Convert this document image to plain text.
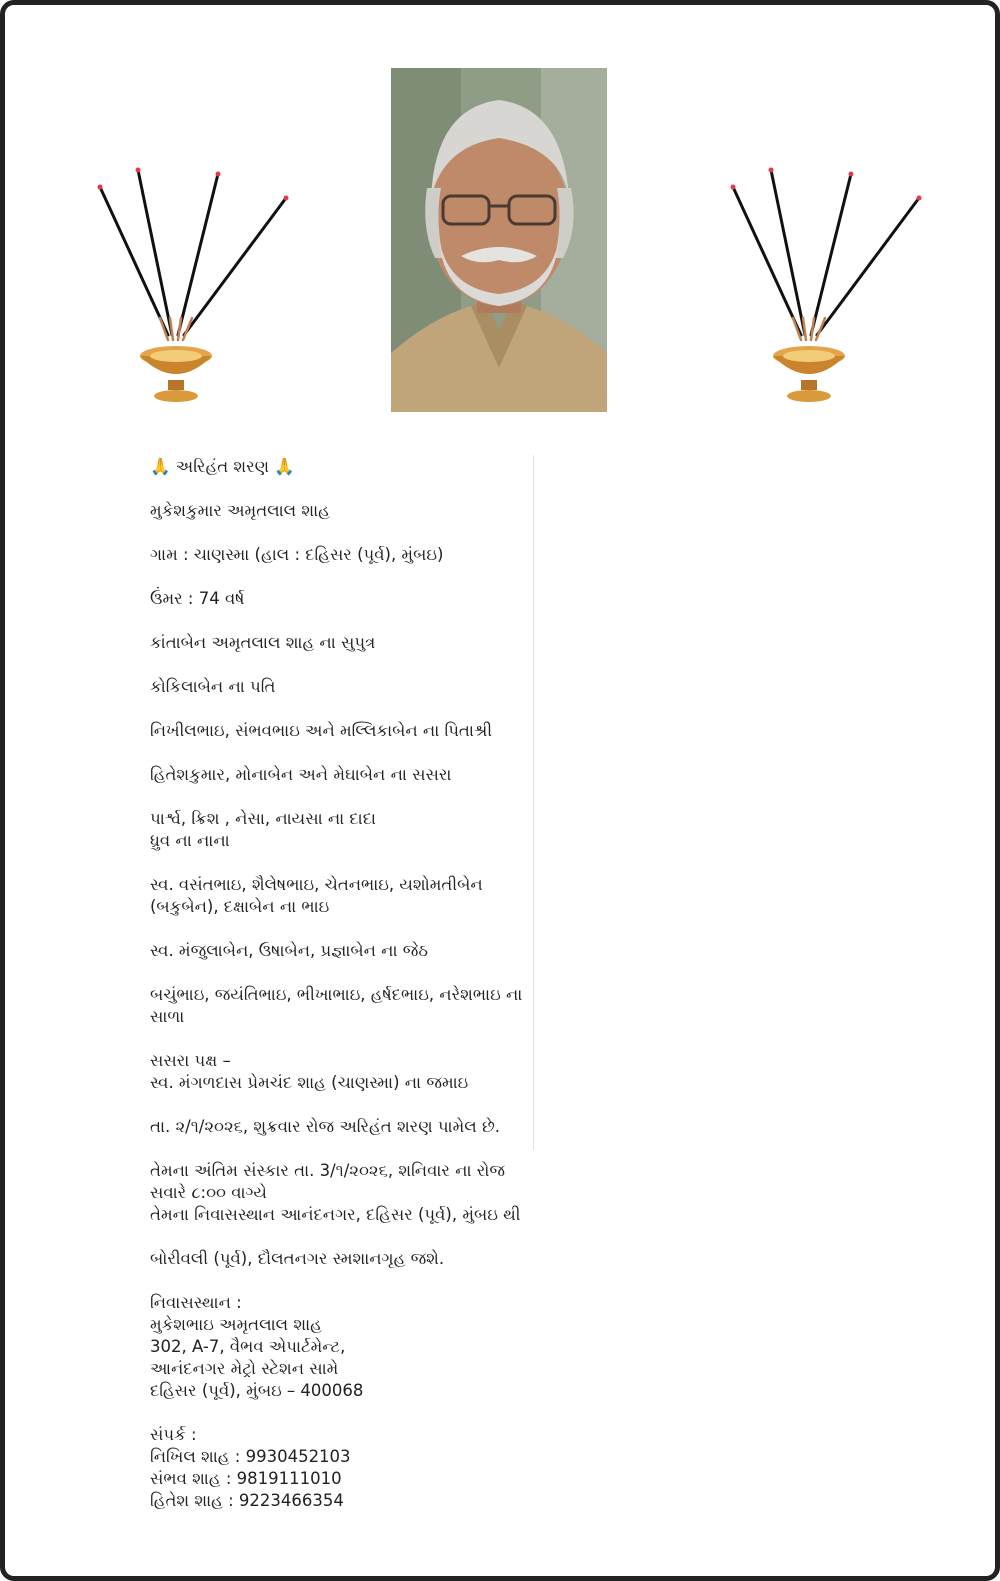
🙏 અરિહંત શરણ 🙏

મુકેશકુમાર અમૃતલાલ શાહ

ગામ : ચાણસ્મા (હાલ : દહિસર (પૂર્વ), મુંબઇ)

ઉંમર : 74 વર્ષ

કાંતાબેન અમૃતલાલ શાહ ના સુપુત્ર

કોકિલાબેન ના પતિ

નિખીલભાઇ, સંભવભાઇ અને મલ્લિકાબેન ના પિતાશ્રી

હિતેશકુમાર, મોનાબેન અને મેઘાબેન ના સસરા

પાર્શ્વ, ક્રિશ , નેસા, નાયસા ના દાદા
ધ્રુવ ના નાના

સ્વ. વસંતભાઇ, શૈલેષભાઇ, ચેતનભાઇ, યશોમતીબેન
(બકુબેન), દક્ષાબેન ના ભાઇ

સ્વ. મંજુલાબેન, ઉષાબેન, પ્રજ્ઞાબેન ના જેઠ

બચુંભાઇ, જયંતિભાઇ, ભીખાભાઇ, હર્ષદભાઇ, નરેશભાઇ ના
સાળા

સસરા પક્ષ –
સ્વ. મંગળદાસ પ્રેમચંદ શાહ (ચાણસ્મા) ના જમાઇ

તા. ૨/૧/૨૦૨૬, શુક્રવાર રોજ અરિહંત શરણ પામેલ છે.

તેમના અંતિમ સંસ્કાર તા. 3/૧/૨૦૨૬, શનિવાર ના રોજ
સવારે ૮:૦૦ વાગ્યે
તેમના નિવાસસ્થાન આનંદનગર, દહિસર (પૂર્વ), મુંબઇ થી

બોરીવલી (પૂર્વ), દૌલતનગર સ્મશાનગૃહ જશે.

નિવાસસ્થાન :
મુકેશભાઇ અમૃતલાલ શાહ
302, A-7, વૈભવ એપાર્ટમેન્ટ,
આનંદનગર મેટ્રો સ્ટેશન સામે
દહિસર (પૂર્વ), મુંબઇ – 400068

સંપર્ક :
નિખિલ શાહ : 9930452103
સંભવ શાહ : 9819111010
હિતેશ શાહ : 9223466354
